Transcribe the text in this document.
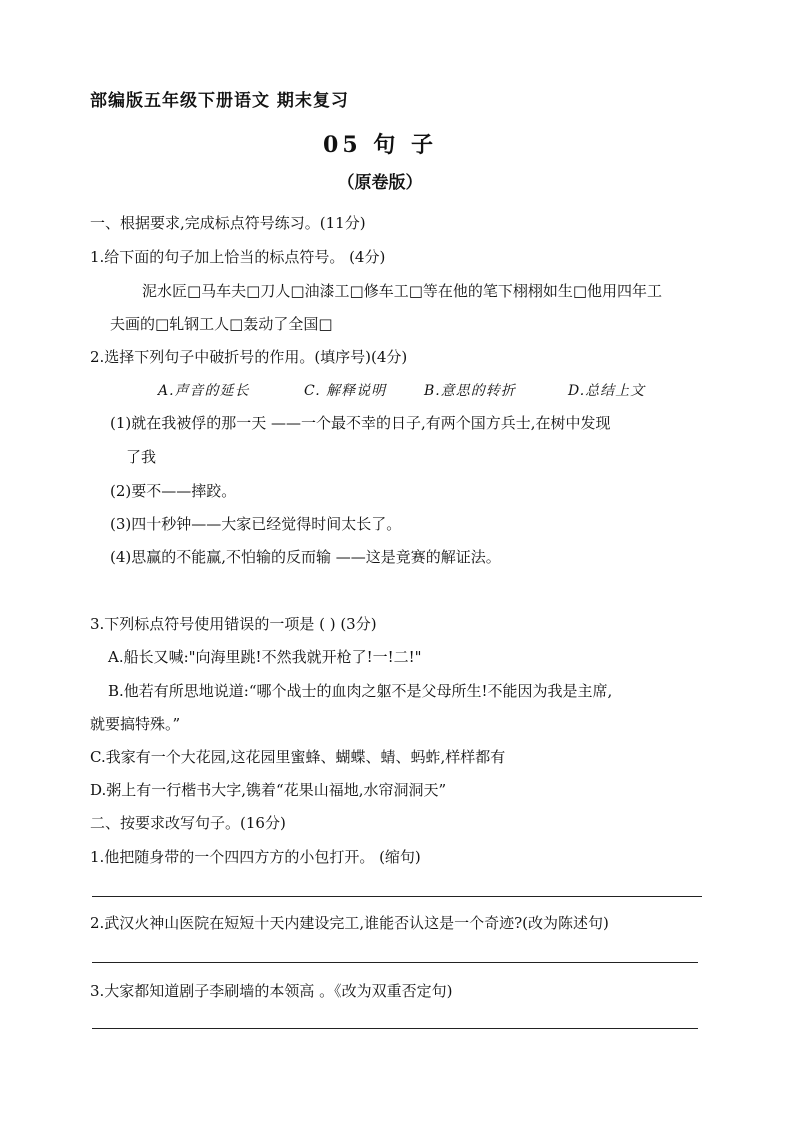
部编版五年级下册语文 期末复习
05 句 子
（原卷版）
一、根据要求,完成标点符号练习。(11分)
1.给下面的句子加上恰当的标点符号。 (4分)
泥水匠□马车夫□刀人□油漆工□修车工□等在他的笔下栩栩如生□他用四年工
夫画的□轧钢工人□轰动了全国□
2.选择下列句子中破折号的作用。(填序号)(4分)
A.声音的延长	C. 解释说明	B.意思的转折	D.总结上文
(1)就在我被俘的那一天 ——一个最不幸的日子,有两个国方兵士,在树中发现
了我
(2)要不——摔跤。
(3)四十秒钟——大家已经觉得时间太长了。
(4)思赢的不能赢,不怕输的反而输 ——这是竟赛的解证法。
3.下列标点符号使用错误的一项是 ( ) (3分)
A.船长又喊:"向海里跳!不然我就开枪了!一!二!"
B.他若有所思地说道:“哪个战士的血肉之躯不是父母所生!不能因为我是主席,
就要搞特殊。”
C.我家有一个大花园,这花园里蜜蜂、蝴蝶、蜻、蚂蚱,样样都有
D.粥上有一行楷书大字,镌着“花果山福地,水帘洞洞天”
二、按要求改写句子。(16分)
1.他把随身带的一个四四方方的小包打开。 (缩句)
2.武汉火神山医院在短短十天内建设完工,谁能否认这是一个奇迹?(改为陈述句)
3.大家都知道剧子李刷墙的本领高 。《改为双重否定句)
